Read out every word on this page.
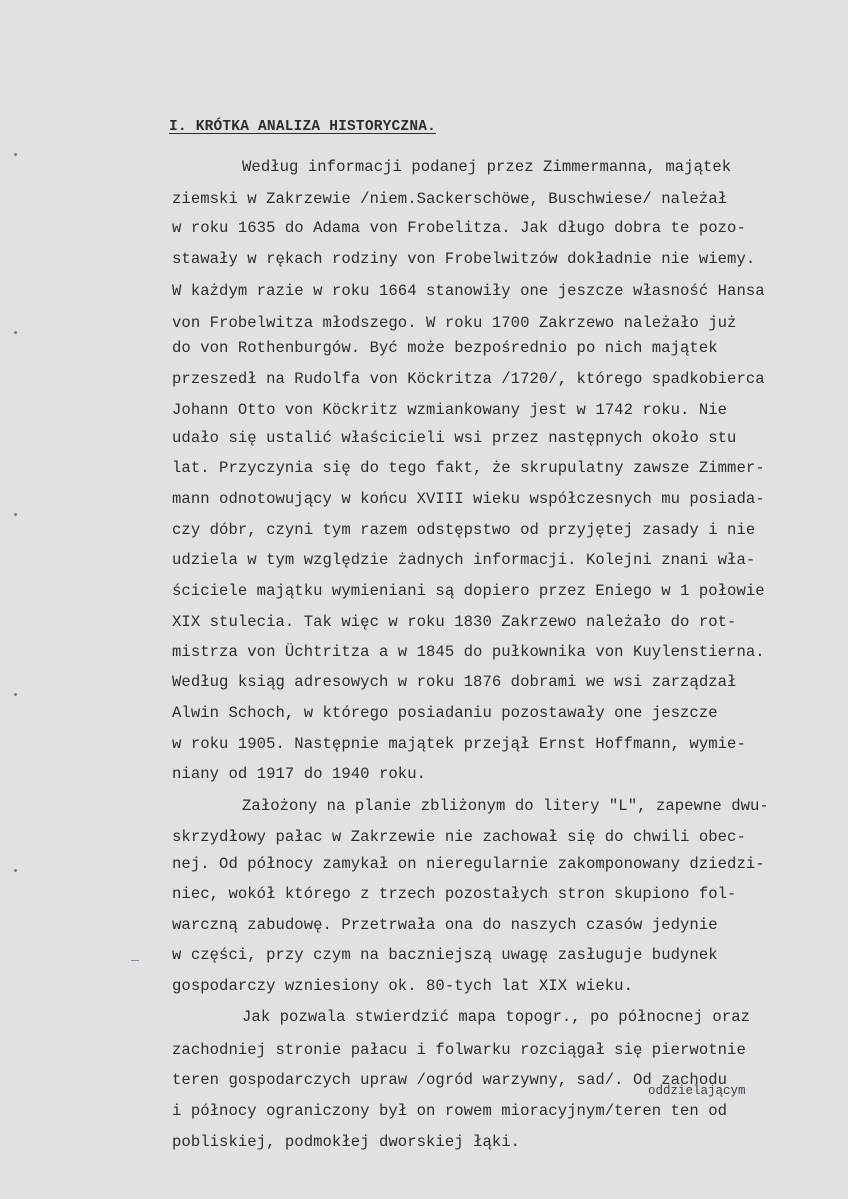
I. KRÓTKA ANALIZA HISTORYCZNA.
Według informacji podanej przez Zimmermanna, majątek
ziemski w Zakrzewie /niem.Sackerschöwe, Buschwiese/ należał
w roku 1635 do Adama von Frobelitza. Jak długo dobra te pozo-
stawały w rękach rodziny von Frobelwitzów dokładnie nie wiemy.
W każdym razie w roku 1664 stanowiły one jeszcze własność Hansa
von Frobelwitza młodszego. W roku 1700 Zakrzewo należało już
do von Rothenburgów. Być może bezpośrednio po nich majątek
przeszedł na Rudolfa von Köckritza /1720/, którego spadkobierca
Johann Otto von Köckritz wzmiankowany jest w 1742 roku. Nie
udało się ustalić właścicieli wsi przez następnych około stu
lat. Przyczynia się do tego fakt, że skrupulatny zawsze Zimmer-
mann odnotowujący w końcu XVIII wieku współczesnych mu posiada-
czy dóbr, czyni tym razem odstępstwo od przyjętej zasady i nie
udziela w tym względzie żadnych informacji. Kolejni znani wła-
ściciele majątku wymieniani są dopiero przez Eniego w 1 połowie
XIX stulecia. Tak więc w roku 1830 Zakrzewo należało do rot-
mistrza von Üchtritza a w 1845 do pułkownika von Kuylenstierna.
Według ksiąg adresowych w roku 1876 dobrami we wsi zarządzał
Alwin Schoch, w którego posiadaniu pozostawały one jeszcze
w roku 1905. Następnie majątek przejął Ernst Hoffmann, wymie-
niany od 1917 do 1940 roku.
Założony na planie zbliżonym do litery "L", zapewne dwu-
skrzydłowy pałac w Zakrzewie nie zachował się do chwili obec-
nej. Od północy zamykał on nieregularnie zakomponowany dziedzi-
niec, wokół którego z trzech pozostałych stron skupiono fol-
warczną zabudowę. Przetrwała ona do naszych czasów jedynie
w części, przy czym na baczniejszą uwagę zasługuje budynek
gospodarczy wzniesiony ok. 80-tych lat XIX wieku.
Jak pozwala stwierdzić mapa topogr., po północnej oraz
zachodniej stronie pałacu i folwarku rozciągał się pierwotnie
teren gospodarczych upraw /ogród warzywny, sad/. Od zachodu
i północy ograniczony był on rowem mioracyjnym/teren ten od
pobliskiej, podmokłej dworskiej łąki.
oddzielającym
